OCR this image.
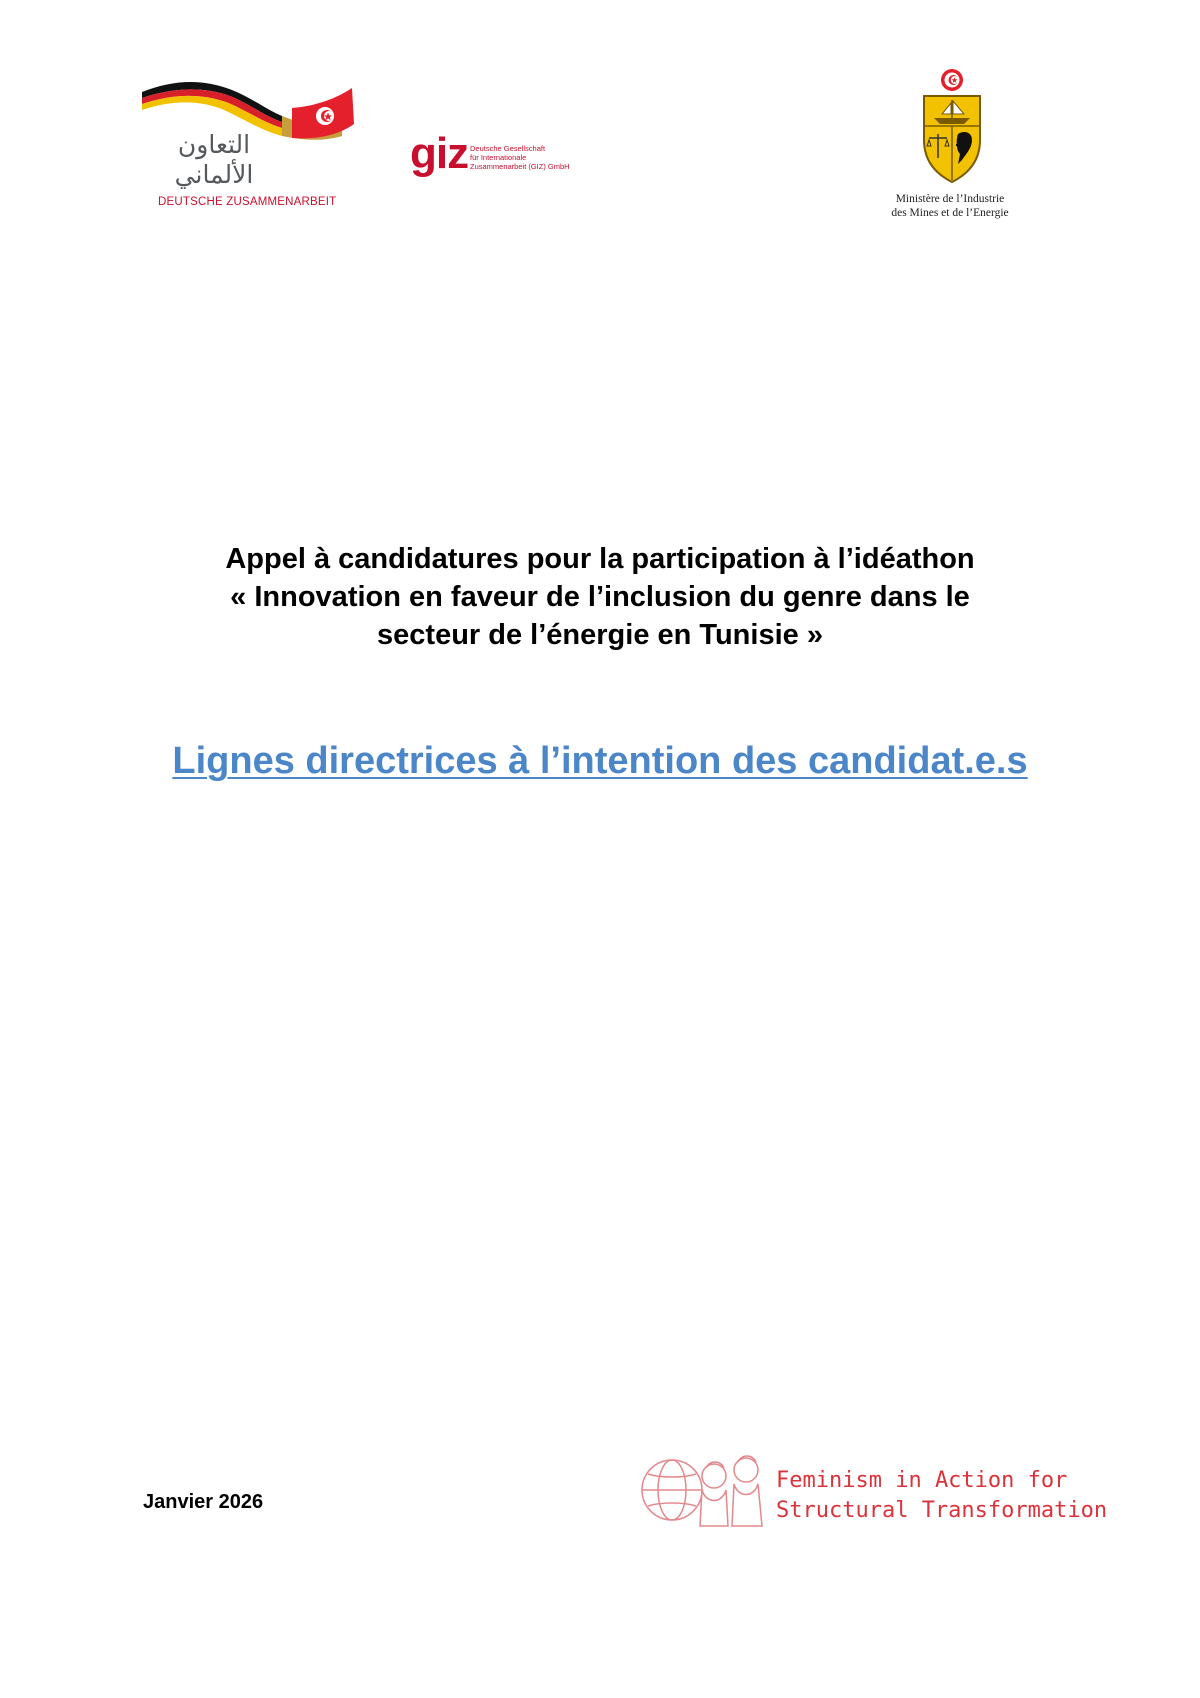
التعاون
الألماني
DEUTSCHE ZUSAMMENARBEIT
giz Deutsche Gesellschaft
für Internationale
Zusammenarbeit (GIZ) GmbH
Ministère de l’Industrie
des Mines et de l’Energie
Appel à candidatures pour la participation à l’idéathon
« Innovation en faveur de l’inclusion du genre dans le
secteur de l’énergie en Tunisie »
Lignes directrices à l’intention des candidat.e.s
Janvier 2026
Feminism in Action for
Structural Transformation
